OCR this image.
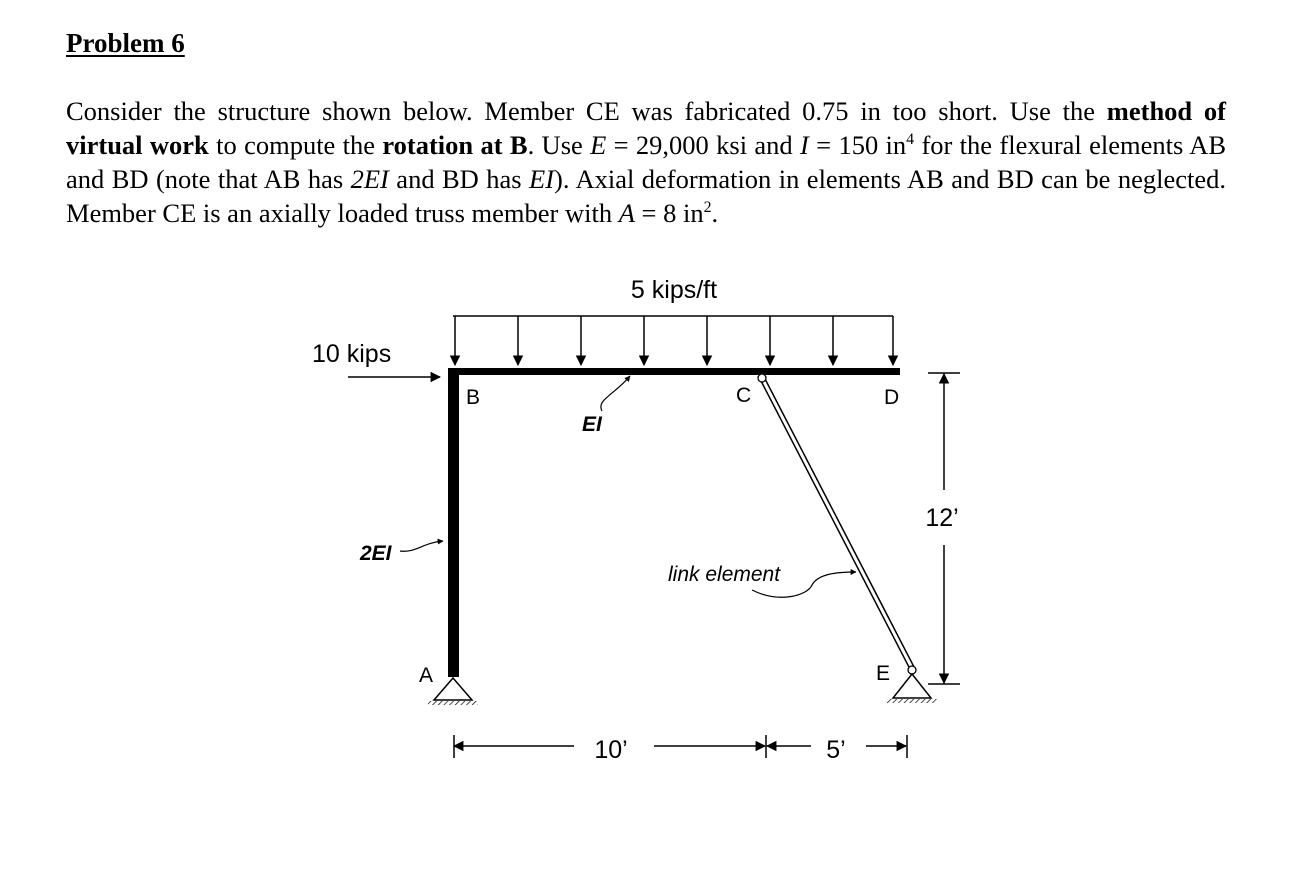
Problem 6

Consider the structure shown below. Member CE was fabricated 0.75 in too short. Use the method of virtual work to compute the rotation at B. Use E = 29,000 ksi and I = 150 $in^4$ for the flexural elements AB and BD (note that AB has 2EI and BD has EI). Axial deformation in elements AB and BD can be neglected. Member CE is an axially loaded truss member with A = 8 $in^2$.

5 kips/ft
10 kips
B	C	D
A	E
EI
2EI
link element
10’	5’
12’
